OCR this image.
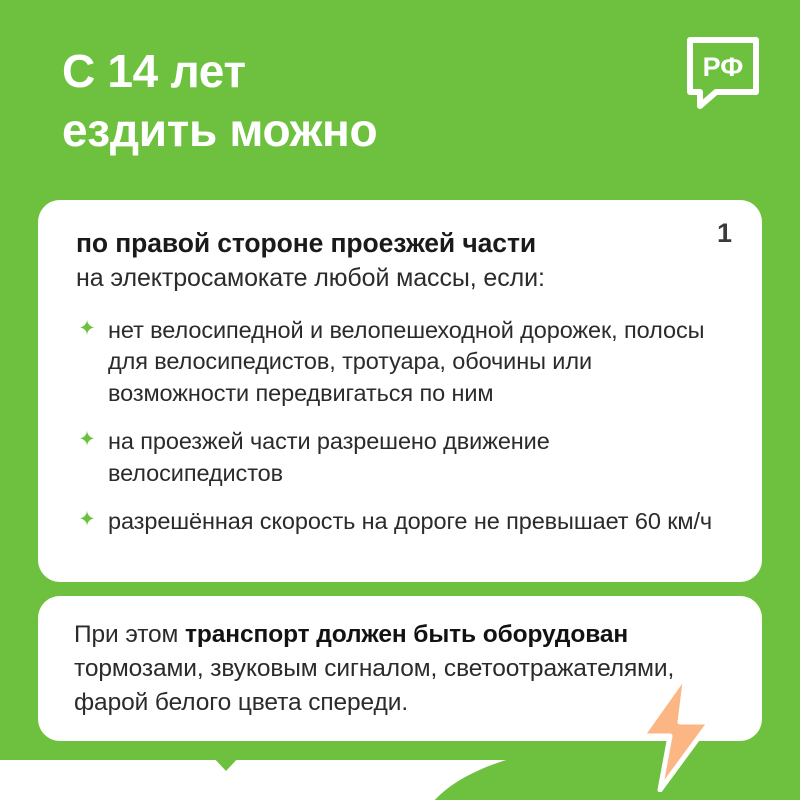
РФ
С 14 лет
ездить можно
1

по правой стороне проезжей части

на электросамокате любой массы, если:

✦ нет велосипедной и велопешеходной дорожек, полосы для велосипедистов, тротуара, обочины или возможности передвигаться по ним
✦ на проезжей части разрешено движение велосипедистов
✦ разрешённая скорость на дороге не превышает 60 км/ч

При этом транспорт должен быть оборудован тормозами, звуковым сигналом, светоотражателями, фарой белого цвета спереди.
